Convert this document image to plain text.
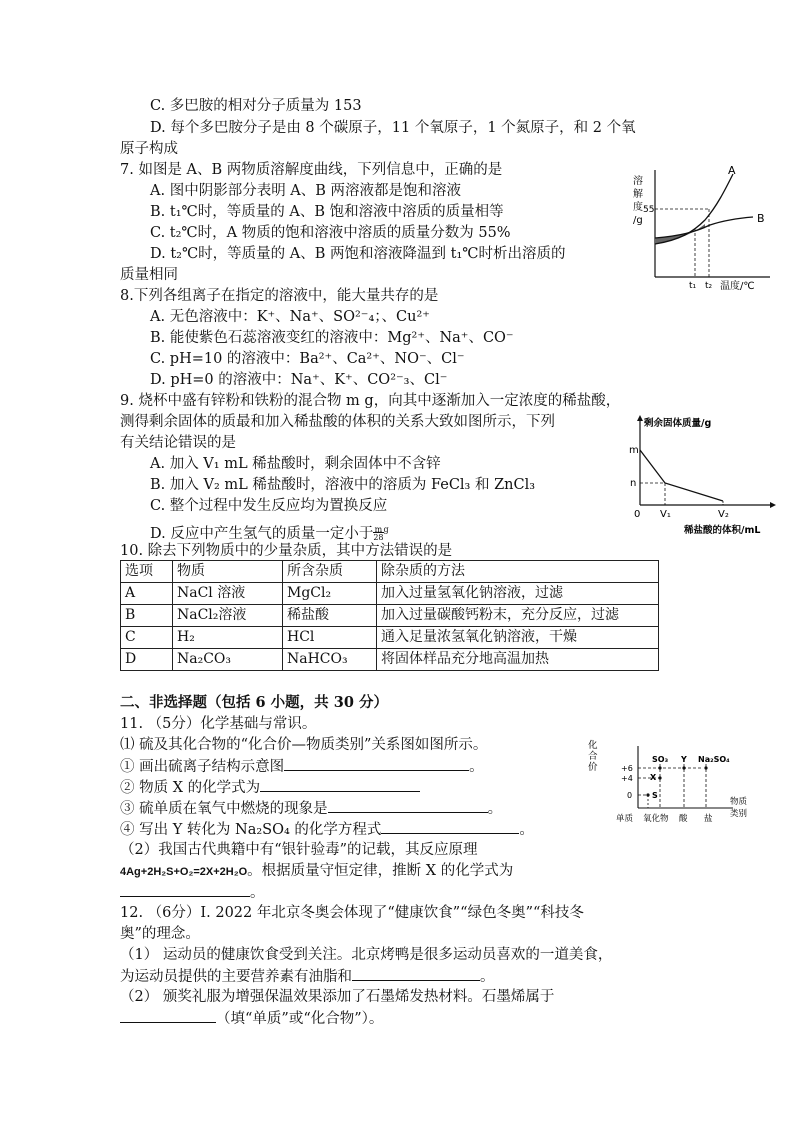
C. 多巴胺的相对分子质量为 153
D. 每个多巴胺分子是由 8 个碳原子，11 个氧原子，1 个氮原子，和 2 个氧
原子构成
7. 如图是 A、B 两物质溶解度曲线，下列信息中，正确的是
A. 图中阴影部分表明 A、B 两溶液都是饱和溶液
B. t₁℃时，等质量的 A、B 饱和溶液中溶质的质量相等
C. t₂℃时，A 物质的饱和溶液中溶质的质量分数为 55%
D. t₂℃时，等质量的 A、B 两饱和溶液降温到 t₁℃时析出溶质的
质量相同
溶
解
度
/g
55
A
B
t₁ t₂ 温度/℃
8.下列各组离子在指定的溶液中，能大量共存的是
A. 无色溶液中：K⁺、Na⁺、SO²⁻₄；、Cu²⁺
B. 能使紫色石蕊溶液变红的溶液中：Mg²⁺、Na⁺、CO⁻
C. pH=10 的溶液中：Ba²⁺、Ca²⁺、NO⁻、Cl⁻
D. pH=0 的溶液中：Na⁺、K⁺、CO²⁻₃、Cl⁻
9. 烧杯中盛有锌粉和铁粉的混合物 m g，向其中逐渐加入一定浓度的稀盐酸，
测得剩余固体的质最和加入稀盐酸的体积的关系大致如图所示，下列
有关结论错误的是
A. 加入 V₁ mL 稀盐酸时，剩余固体中不含锌
B. 加入 V₂ mL 稀盐酸时，溶液中的溶质为 FeCl₃ 和 ZnCl₃
C. 整个过程中发生反应均为置换反应
D. 反应中产生氢气的质量一定小于$\frac{m}{28}^g$
剩余固体质量/g
m
n
0 V₁	V₂
稀盐酸的体积/mL
10. 除去下列物质中的少量杂质，其中方法错误的是
选项	物质	所含杂质	除杂质的方法
A	NaCl 溶液	MgCl₂	加入过量氢氧化钠溶液，过滤
B	NaCl₂溶液	稀盐酸	加入过量碳酸钙粉末，充分反应，过滤
C	H₂	HCl	通入足量浓氢氧化钠溶液，干燥
D	Na₂CO₃	NaHCO₃	将固体样品充分地高温加热
二、非选择题（包括 6 小题，共 30 分）
11. （5分）化学基础与常识。
⑴ 硫及其化合物的“化合价—物质类别”关系图如图所示。
① 画出硫离子结构示意图	。
② 物质 X 的化学式为
③ 硫单质在氧气中燃烧的现象是	。
④ 写出 Y 转化为 Na₂SO₄ 的化学方程式	。
（2）我国古代典籍中有“银针验毒”的记载，其反应原理
4Ag+2H₂S+O₂=2X+2H₂O。根据质量守恒定律，推断 X 的化学式为
。
化
合
价	+6
+4
0
SO₃ Y Na₂SO₄
X
S
单质 氧化物 酸 盐
物质
类别
12. （6分）Ⅰ. 2022 年北京冬奥会体现了“健康饮食”“绿色冬奥”“科技冬
奥”的理念。
（1） 运动员的健康饮食受到关注。北京烤鸭是很多运动员喜欢的一道美食，
为运动员提供的主要营养素有油脂和	。
（2） 颁奖礼服为增强保温效果添加了石墨烯发热材料。石墨烯属于
（填“单质”或“化合物”）。
